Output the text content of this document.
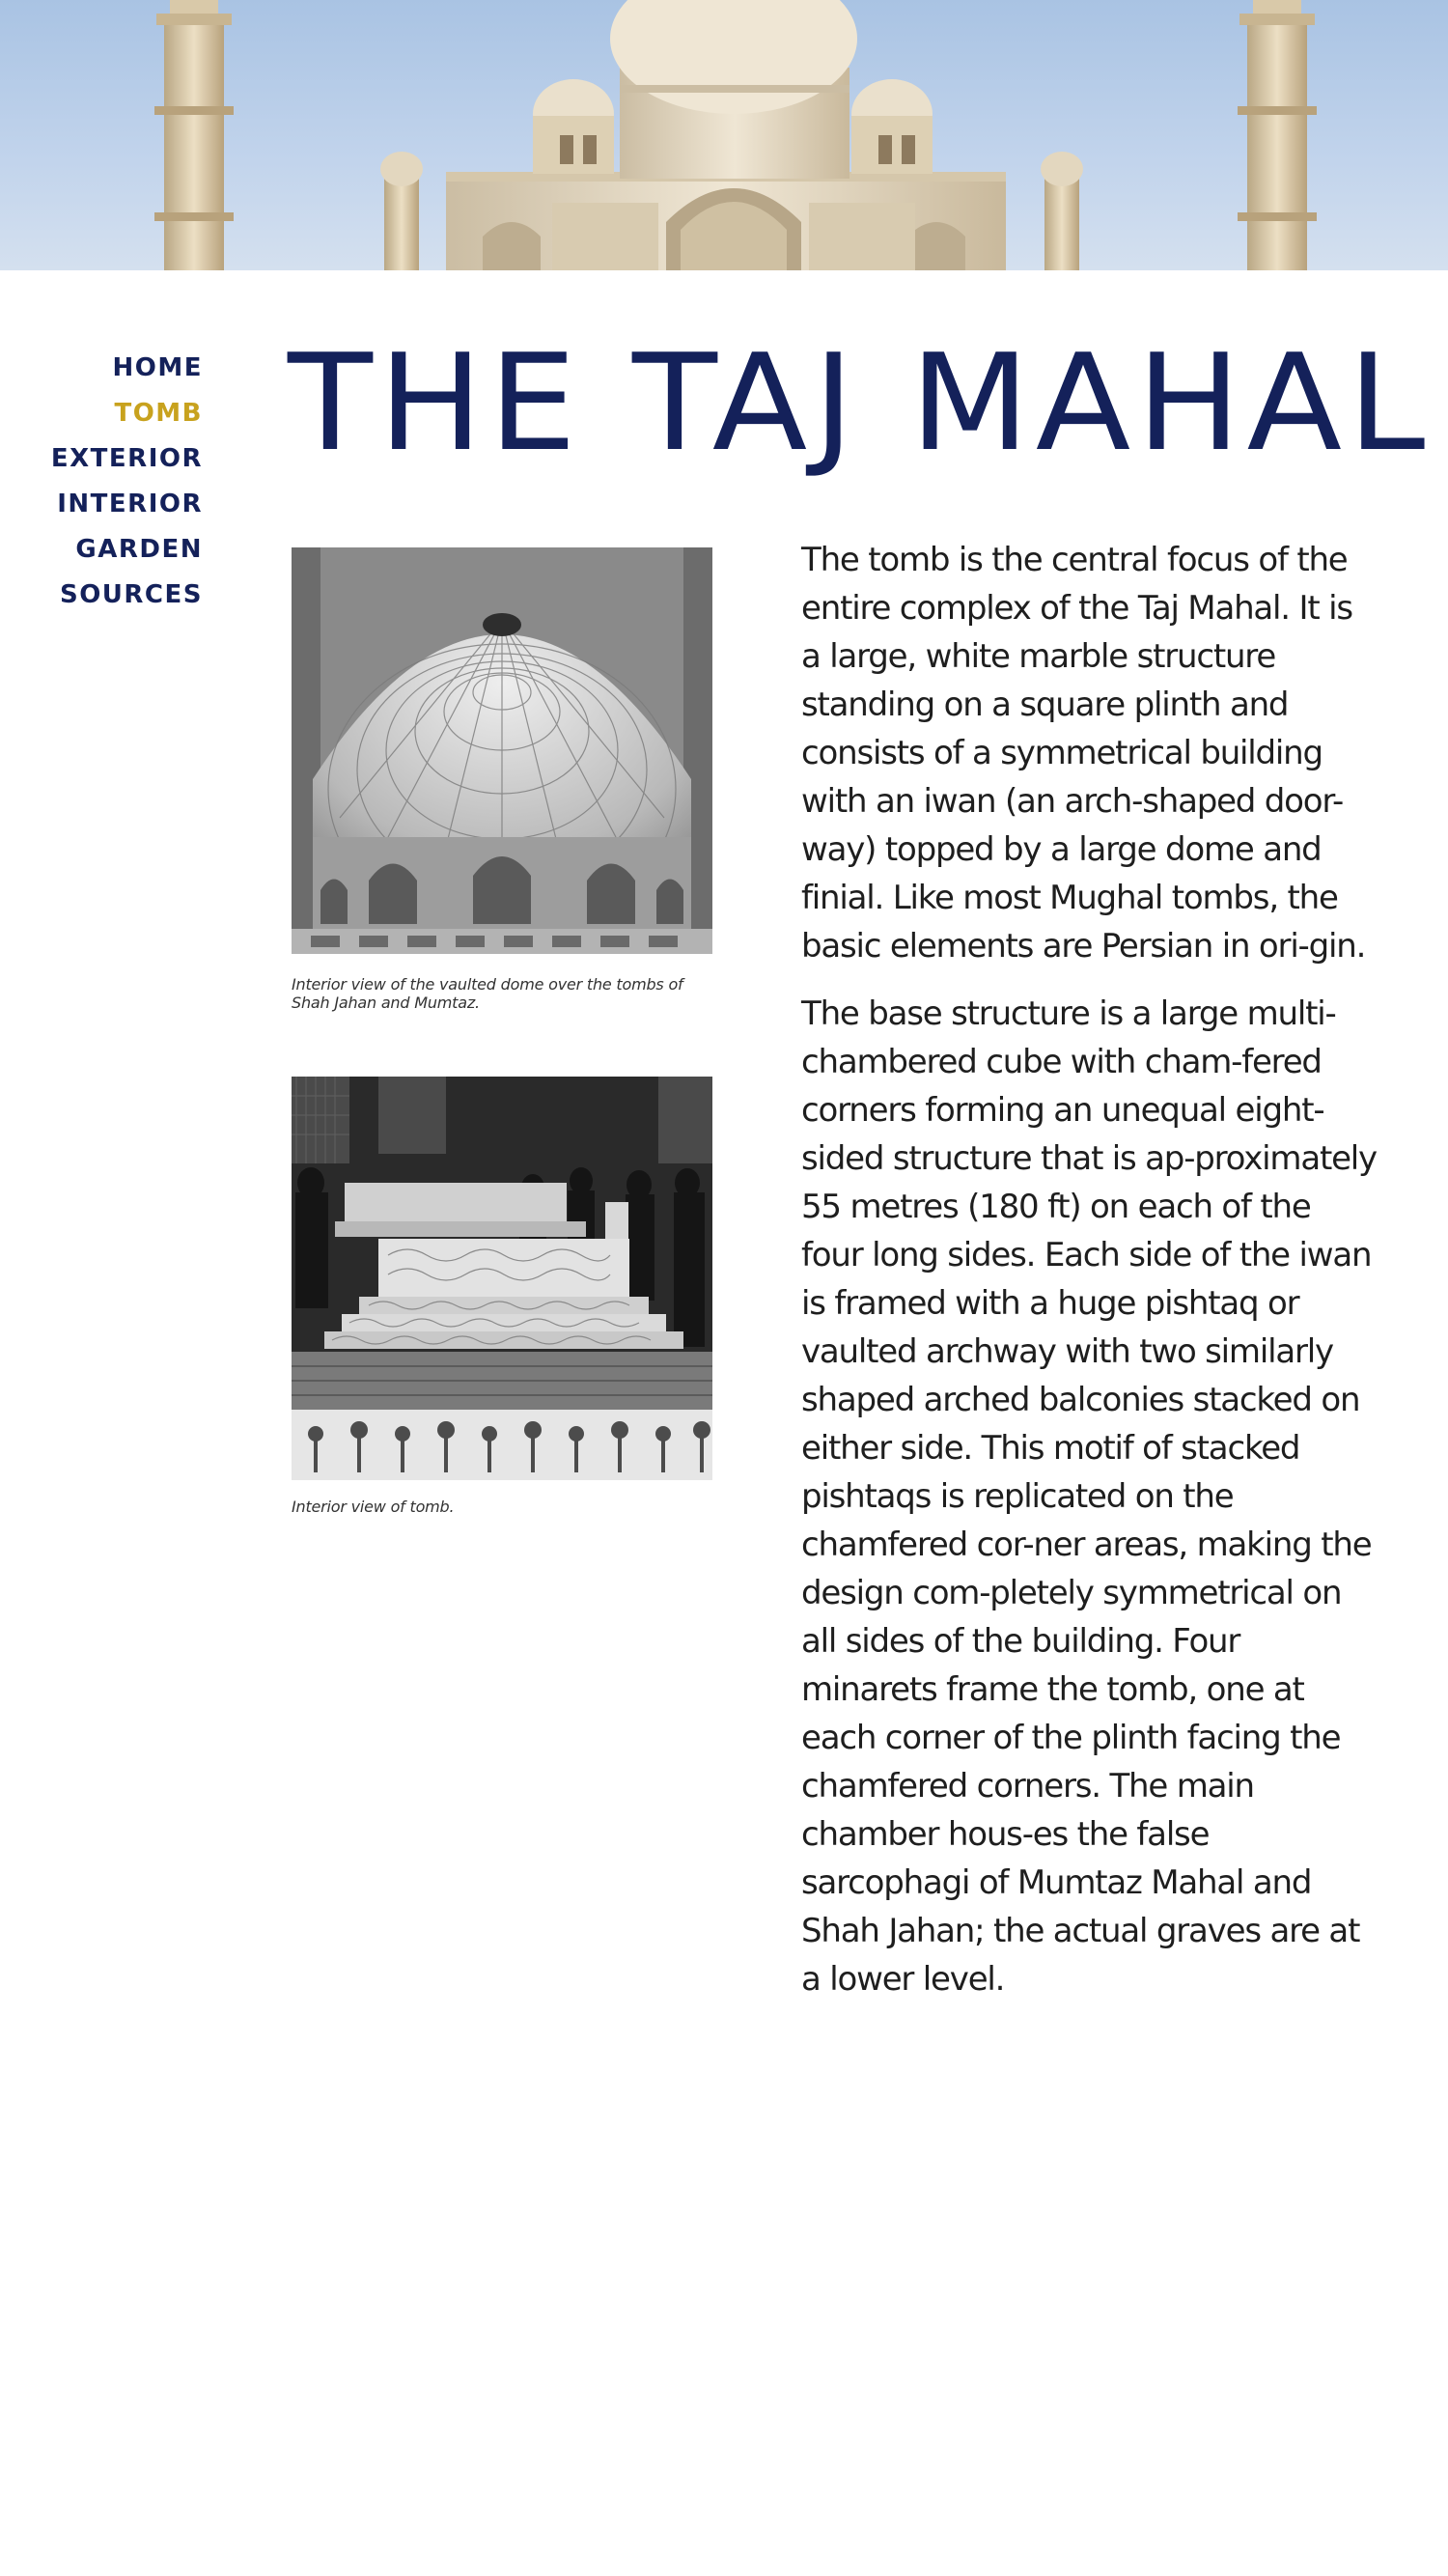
HOME
TOMB
EXTERIOR
INTERIOR
GARDEN
SOURCES
THE TAJ MAHAL
Interior view of the vaulted dome over the tombs of Shah Jahan and Mumtaz.
Interior view of tomb.

The tomb is the central focus of the entire complex of the Taj Mahal. It is a large, white marble structure standing on a square plinth and consists of a symmetrical building with an iwan (an arch-shaped door-way) topped by a large dome and finial. Like most Mughal tombs, the basic elements are Persian in ori-gin.

The base structure is a large multi-chambered cube with cham-fered corners forming an unequal eight-sided structure that is ap-proximately 55 metres (180 ft) on each of the four long sides. Each side of the iwan is framed with a huge pishtaq or vaulted archway with two similarly shaped arched balconies stacked on either side. This motif of stacked pishtaqs is replicated on the chamfered cor-ner areas, making the design com-pletely symmetrical on all sides of the building. Four minarets frame the tomb, one at each corner of the plinth facing the chamfered corners. The main chamber hous-es the false sarcophagi of Mumtaz Mahal and Shah Jahan; the actual graves are at a lower level.
